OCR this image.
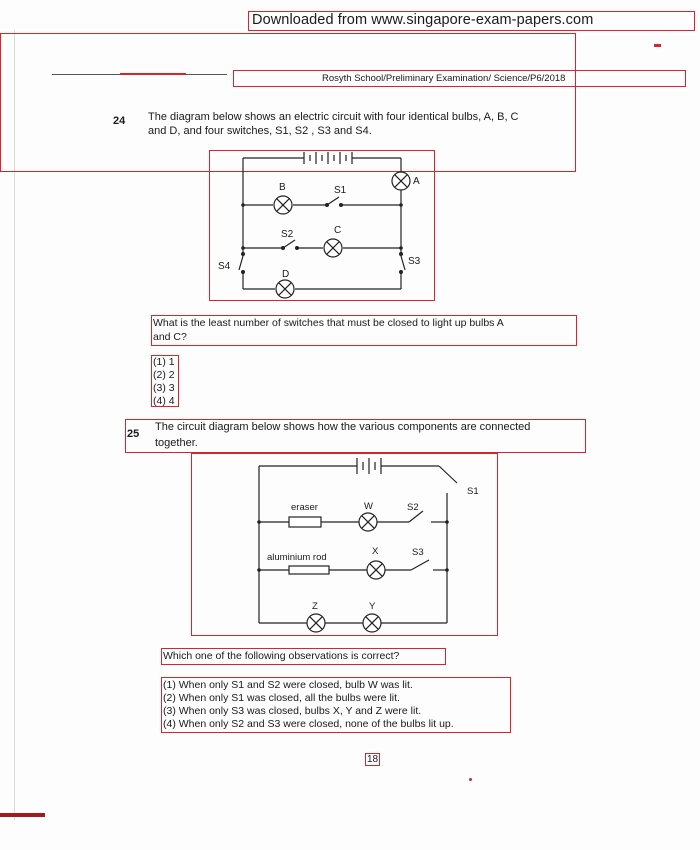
Downloaded from www.singapore-exam-papers.com
Rosyth School/Preliminary Examination/ Science/P6/2018
24 The diagram below shows an electric circuit with four identical bulbs, A, B, C
and D, and four switches, S1, S2 , S3 and S4.
A
B	S1
S2	C
S4	S3
D
What is the least number of switches that must be closed to light up bulbs A
and C?
(1) 1
(2) 2
(3) 3
(4) 4
25
The circuit diagram below shows how the various components are connected
together.
eraser	W	S2
S1
aluminium rod
X	S3
Z	Y
Which one of the following observations is correct?
(1) When only S1 and S2 were closed, bulb W was lit.
(2) When only S1 was closed, all the bulbs were lit.
(3) When only S3 was closed, bulbs X, Y and Z were lit.
(4) When only S2 and S3 were closed, none of the bulbs lit up.
18
